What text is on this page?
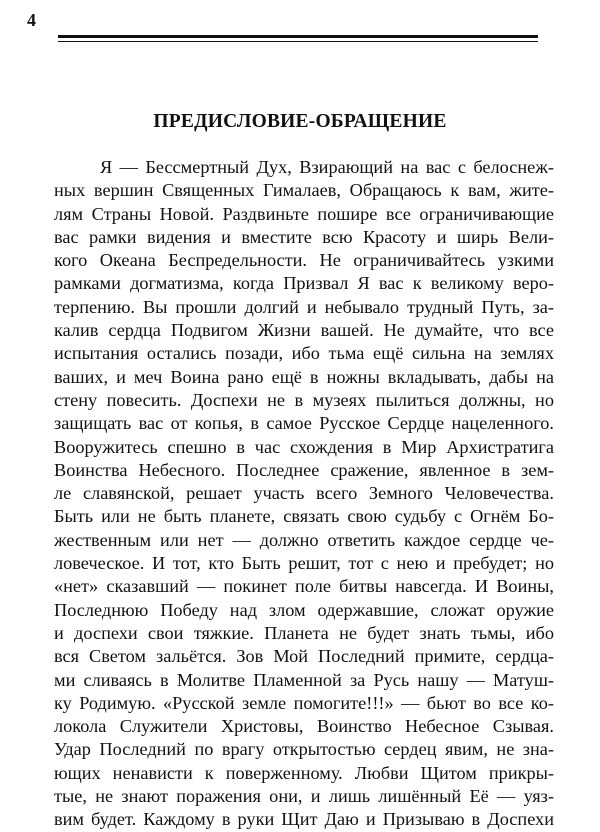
4
ПРЕДИСЛОВИЕ-ОБРАЩЕНИЕ
Я — Бессмертный Дух, Взирающий на вас с белоснеж-
ных вершин Священных Гималаев, Обращаюсь к вам, жите-
лям Страны Новой. Раздвиньте пошире все ограничивающие
вас рамки видения и вместите всю Красоту и ширь Вели-
кого Океана Беспредельности. Не ограничивайтесь узкими
рамками догматизма, когда Призвал Я вас к великому веро-
терпению. Вы прошли долгий и небывало трудный Путь, за-
калив сердца Подвигом Жизни вашей. Не думайте, что все
испытания остались позади, ибо тьма ещё сильна на землях
ваших, и меч Воина рано ещё в ножны вкладывать, дабы на
стену повесить. Доспехи не в музеях пылиться должны, но
защищать вас от копья, в самое Русское Сердце нацеленного.
Вооружитесь спешно в час схождения в Мир Архистратига
Воинства Небесного. Последнее сражение, явленное в зем-
ле славянской, решает участь всего Земного Человечества.
Быть или не быть планете, связать свою судьбу с Огнём Бо-
жественным или нет — должно ответить каждое сердце че-
ловеческое. И тот, кто Быть решит, тот с нею и пребудет; но
«нет» сказавший — покинет поле битвы навсегда. И Воины,
Последнюю Победу над злом одержавшие, сложат оружие
и доспехи свои тяжкие. Планета не будет знать тьмы, ибо
вся Светом зальётся. Зов Мой Последний примите, сердца-
ми сливаясь в Молитве Пламенной за Русь нашу — Матуш-
ку Родимую. «Русской земле помогите!!!» — бьют во все ко-
локола Служители Христовы, Воинство Небесное Сзывая.
Удар Последний по врагу открытостью сердец явим, не зна-
ющих ненависти к поверженному. Любви Щитом прикры-
тые, не знают поражения они, и лишь лишённый Её — уяз-
вим будет. Каждому в руки Щит Даю и Призываю в Доспехи
